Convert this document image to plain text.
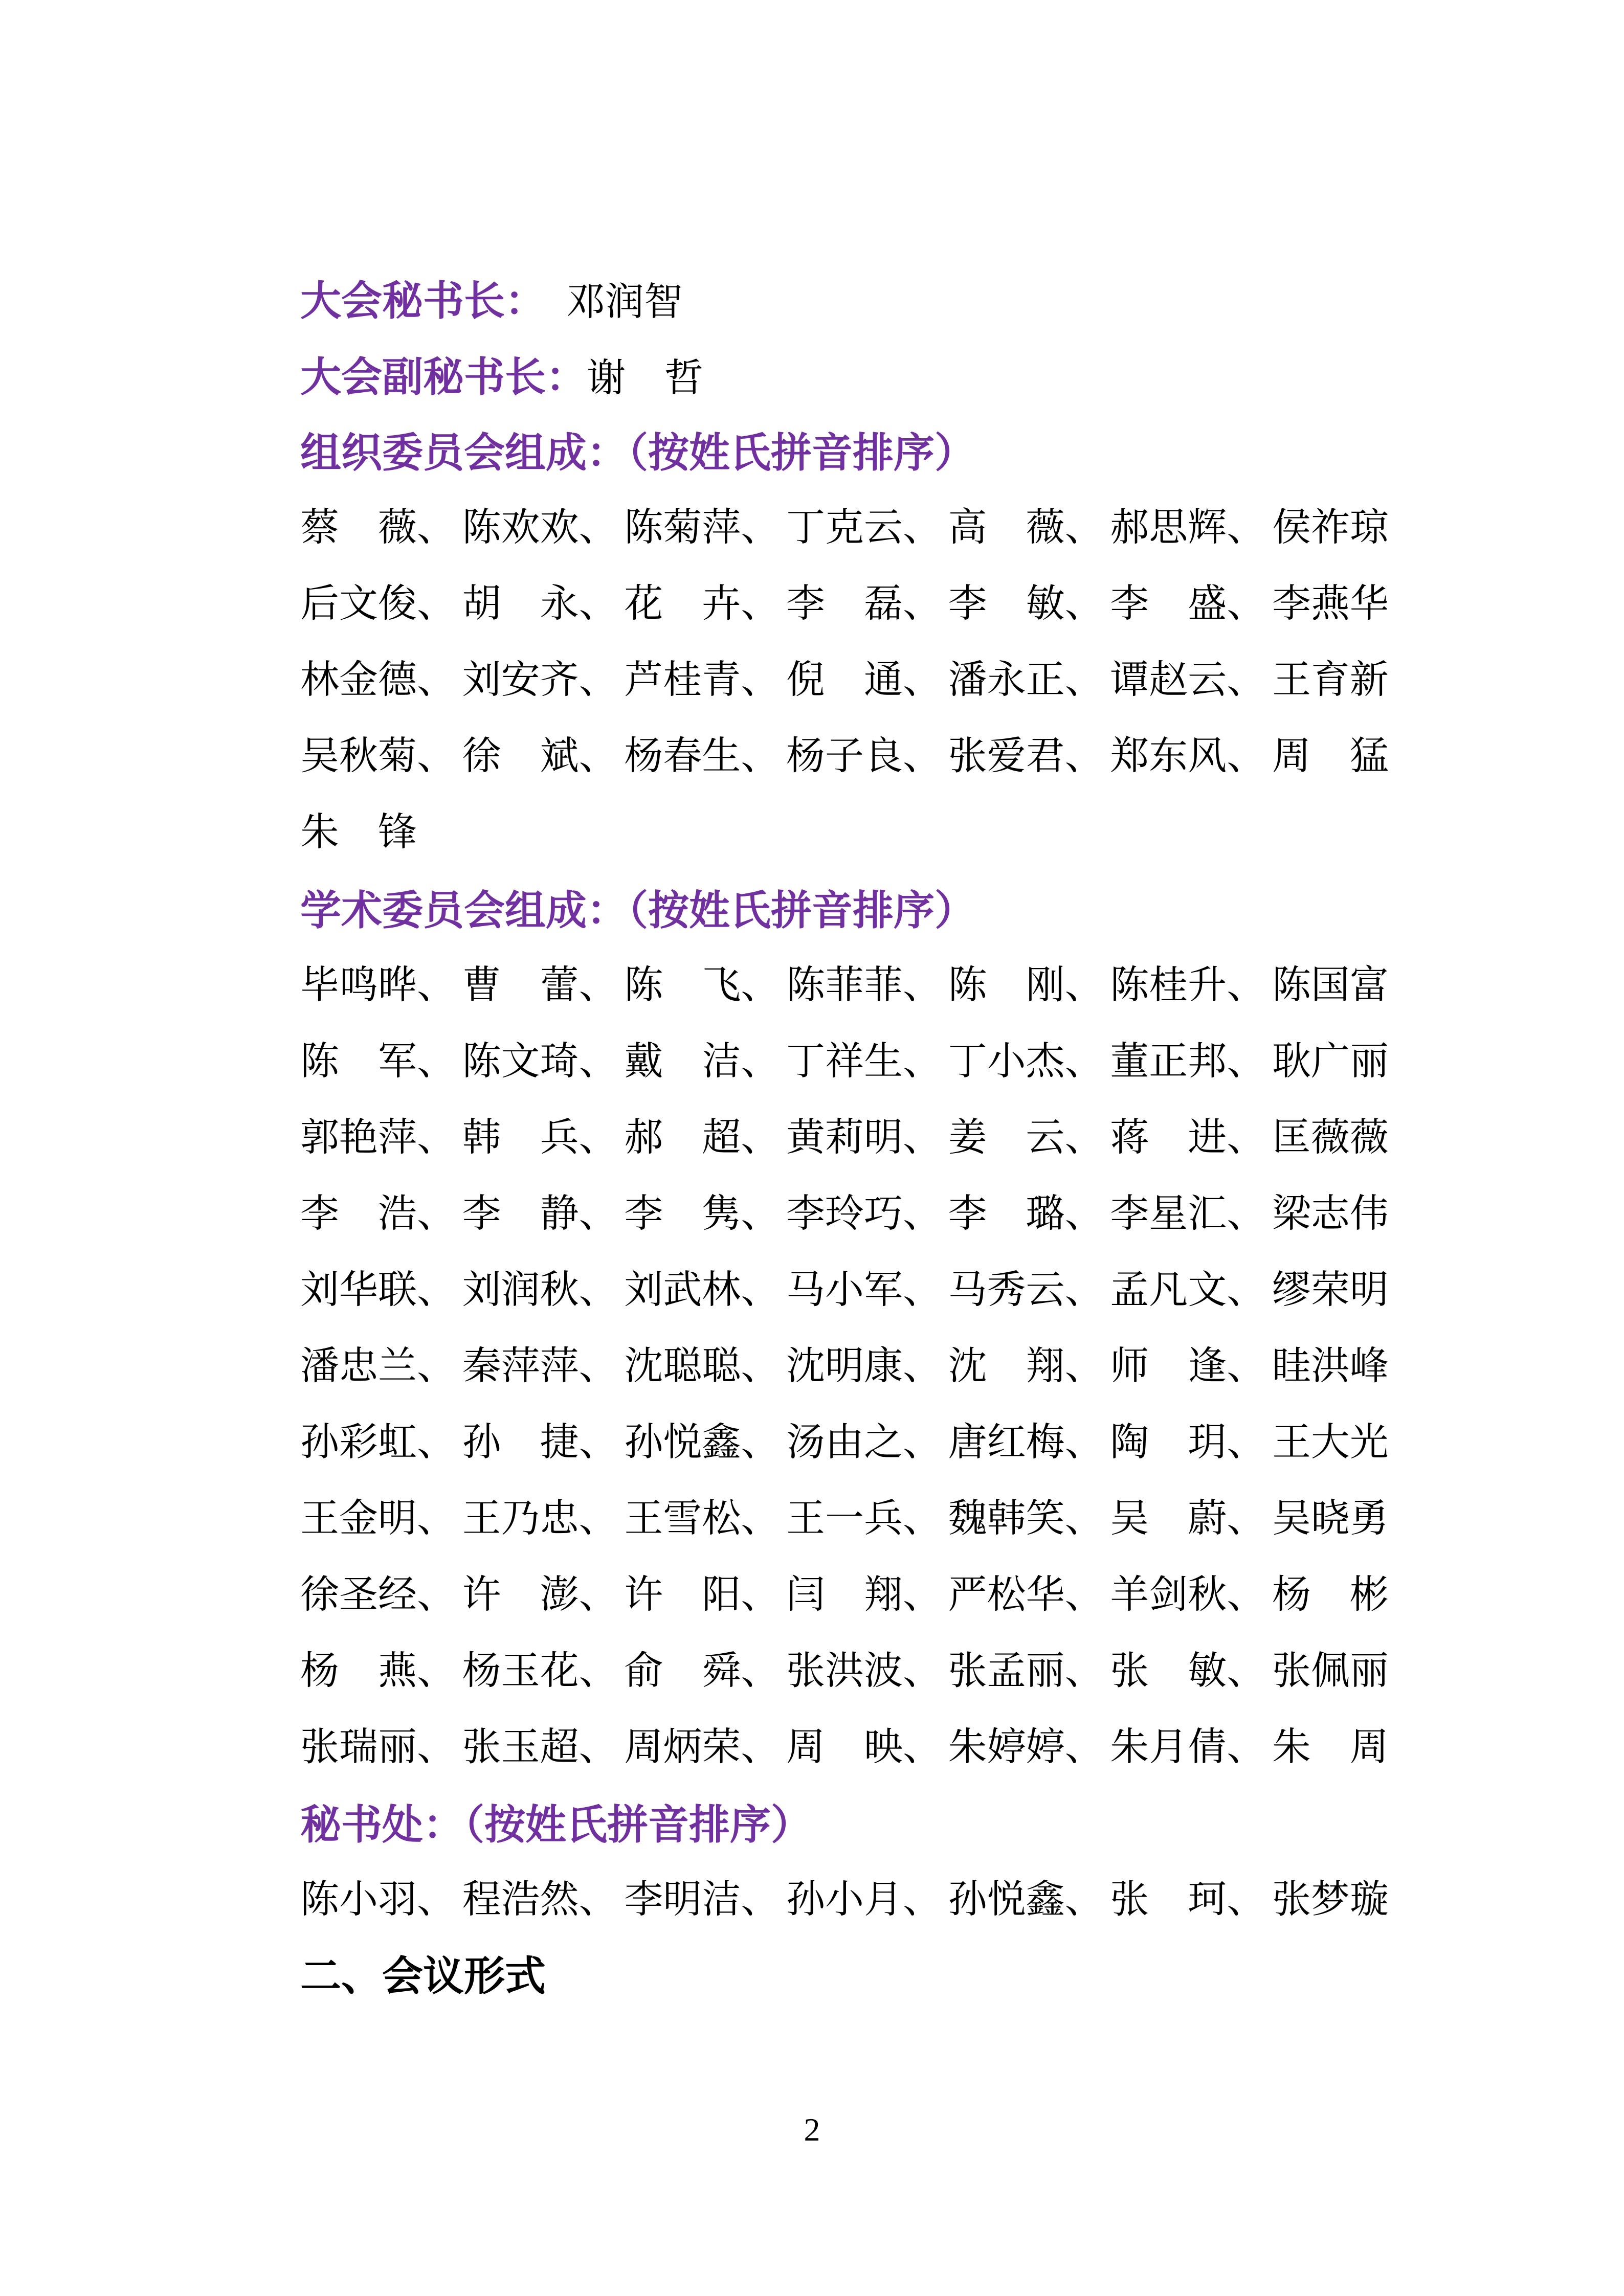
大会秘书长： 邓润智
大会副秘书长：谢　哲
组织委员会组成：（按姓氏拼音排序）
蔡　薇、 陈欢欢、 陈菊萍、 丁克云、 高　薇、 郝思辉、 侯祚琼
后文俊、 胡　永、 花　卉、 李　磊、 李　敏、 李　盛、 李燕华
林金德、 刘安齐、 芦桂青、 倪　通、 潘永正、 谭赵云、 王育新
吴秋菊、 徐　斌、 杨春生、 杨子良、 张爱君、 郑东风、 周　猛
朱　锋
学术委员会组成：（按姓氏拼音排序）
毕鸣晔、 曹　蕾、 陈　飞、 陈菲菲、 陈　刚、 陈桂升、 陈国富
陈　军、 陈文琦、 戴　洁、 丁祥生、 丁小杰、 董正邦、 耿广丽
郭艳萍、 韩　兵、 郝　超、 黄莉明、 姜　云、 蒋　进、 匡薇薇
李　浩、 李　静、 李　隽、 李玲巧、 李　璐、 李星汇、 梁志伟
刘华联、 刘润秋、 刘武林、 马小军、 马秀云、 孟凡文、 缪荣明
潘忠兰、 秦萍萍、 沈聪聪、 沈明康、 沈　翔、 师　逢、 眭洪峰
孙彩虹、 孙　捷、 孙悦鑫、 汤由之、 唐红梅、 陶　玥、 王大光
王金明、 王乃忠、 王雪松、 王一兵、 魏韩笑、 吴　蔚、 吴晓勇
徐圣经、 许　澎、 许　阳、 闫　翔、 严松华、 羊剑秋、 杨　彬
杨　燕、 杨玉花、 俞　舜、 张洪波、 张孟丽、 张　敏、 张佩丽
张瑞丽、 张玉超、 周炳荣、 周　映、 朱婷婷、 朱月倩、 朱　周
秘书处：（按姓氏拼音排序）
陈小羽、 程浩然、 李明洁、 孙小月、 孙悦鑫、 张　珂、 张梦璇
二、会议形式
2
